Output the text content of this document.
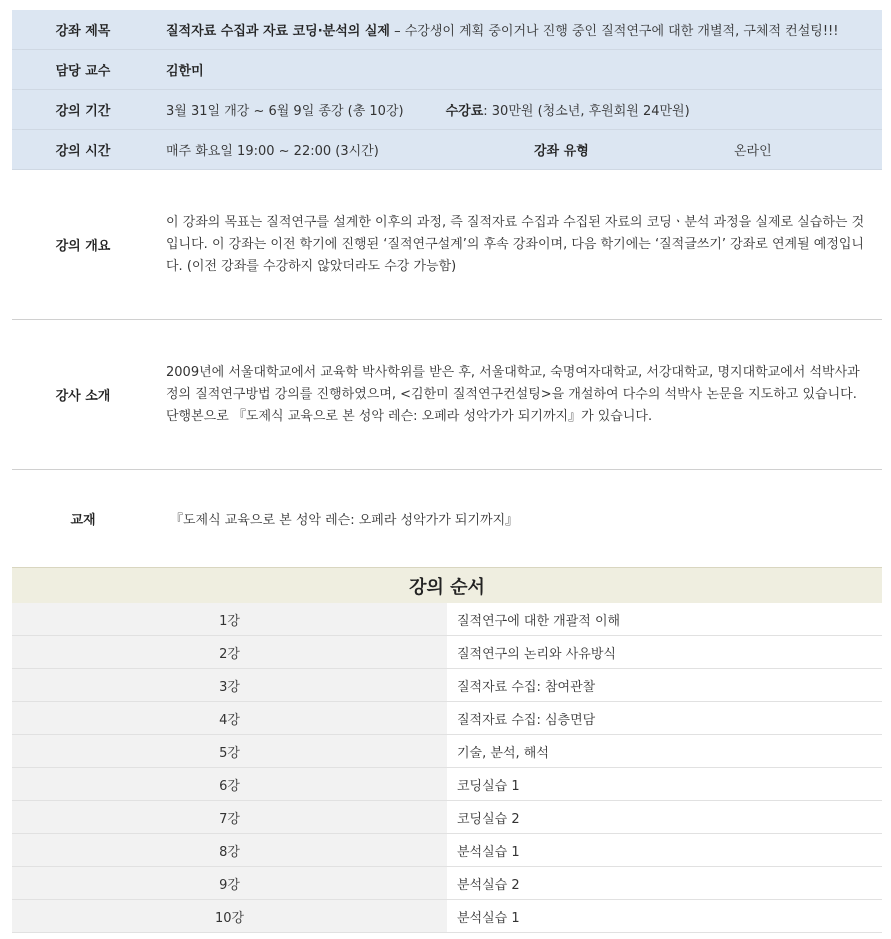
강좌 제목	질적자료 수집과 자료 코딩·분석의 실제 – 수강생이 계획 중이거나 진행 중인 질적연구에 대한 개별적, 구체적 컨설팅!!!
담당 교수	김한미
강의 기간	3월 31일 개강 ~ 6월 9일 종강 (총 10강) 수강료: 30만원 (청소년, 후원회원 24만원)
강의 시간	매주 화요일 19:00 ~ 22:00 (3시간) 강좌 유형 온라인

강의 개요	이 강좌의 목표는 질적연구를 설계한 이후의 과정, 즉 질적자료 수집과 수집된 자료의 코딩ㆍ분석 과정을 실제로 실습하는 것입니다. 이 강좌는 이전 학기에 진행된 ‘질적연구설계’의 후속 강좌이며, 다음 학기에는 ‘질적글쓰기’ 강좌로 연계될 예정입니다. (이전 강좌를 수강하지 않았더라도 수강 가능함)
강사 소개	2009년에 서울대학교에서 교육학 박사학위를 받은 후, 서울대학교, 숙명여자대학교, 서강대학교, 명지대학교에서 석박사과정의 질적연구방법 강의를 진행하였으며, <김한미 질적연구컨설팅>을 개설하여 다수의 석박사 논문을 지도하고 있습니다. 단행본으로 『도제식 교육으로 본 성악 레슨: 오페라 성악가가 되기까지』가 있습니다.
교재	『도제식 교육으로 본 성악 레슨: 오페라 성악가가 되기까지』
강의 순서	
1강	질적연구에 대한 개괄적 이해
2강	질적연구의 논리와 사유방식
3강	질적자료 수집: 참여관찰
4강	질적자료 수집: 심층면담
5강	기술, 분석, 해석
6강	코딩실습 1
7강	코딩실습 2
8강	분석실습 1
9강	분석실습 2
10강	분석실습 1
